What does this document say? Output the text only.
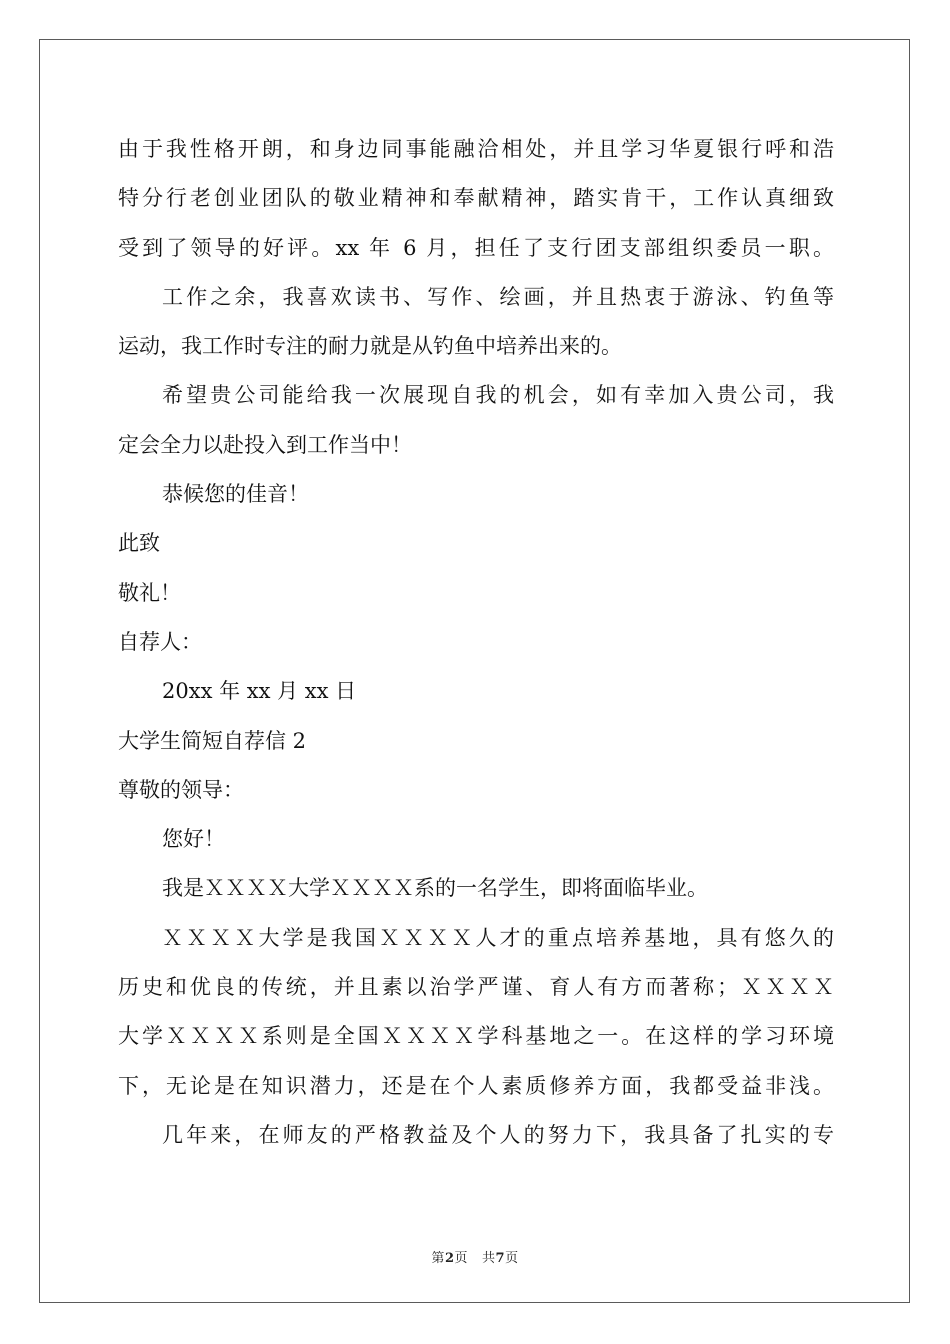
由于我性格开朗，和身边同事能融洽相处，并且学习华夏银行呼和浩
特分行老创业团队的敬业精神和奉献精神，踏实肯干，工作认真细致
受到了领导的好评。xx 年 6 月，担任了支行团支部组织委员一职。
工作之余，我喜欢读书、写作、绘画，并且热衷于游泳、钓鱼等
运动，我工作时专注的耐力就是从钓鱼中培养出来的。
希望贵公司能给我一次展现自我的机会，如有幸加入贵公司，我
定会全力以赴投入到工作当中！
恭候您的佳音！
此致
敬礼！
自荐人：
20xx 年 xx 月 xx 日
大学生简短自荐信 2
尊敬的领导：
您好！
我是ＸＸＸＸ大学ＸＸＸＸ系的一名学生，即将面临毕业。
ＸＸＸＸ大学是我国ＸＸＸＸ人才的重点培养基地，具有悠久的
历史和优良的传统，并且素以治学严谨、育人有方而著称；ＸＸＸＸ
大学ＸＸＸＸ系则是全国ＸＸＸＸ学科基地之一。在这样的学习环境
下，无论是在知识潜力，还是在个人素质修养方面，我都受益非浅。
几年来，在师友的严格教益及个人的努力下，我具备了扎实的专
第2页 共7页
